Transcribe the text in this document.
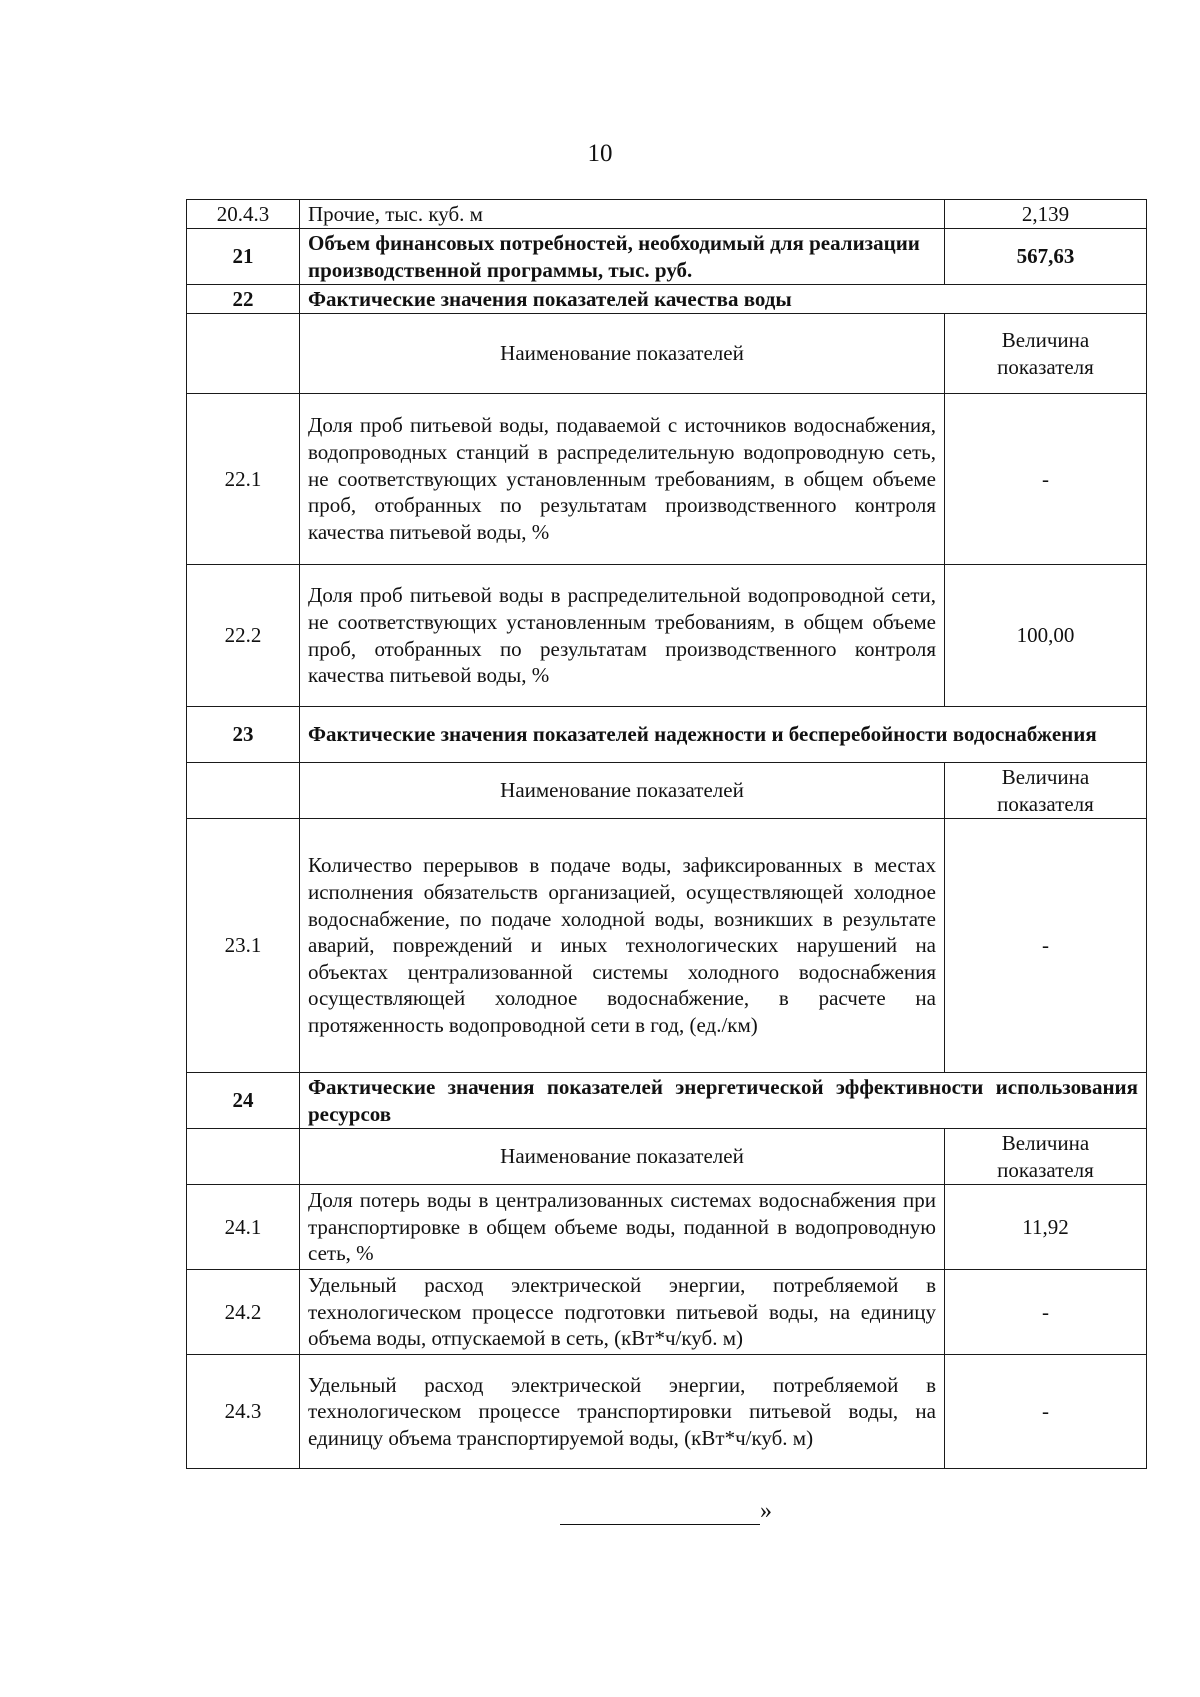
10
20.4.3	Прочие, тыс. куб. м	2,139
21	Объем финансовых потребностей, необходимый для реализации производственной программы, тыс. руб.	567,63
22	Фактические значения показателей качества воды	
	Наименование показателей	Величина показателя
22.1	Доля проб питьевой воды, подаваемой с источников водоснабжения, водопроводных станций в распределительную водопроводную сеть, не соответствующих установленным требованиям, в общем объеме проб, отобранных по результатам производственного контроля качества питьевой воды, %	-
22.2	Доля проб питьевой воды в распределительной водопроводной сети, не соответствующих установленным требованиям, в общем объеме проб, отобранных по результатам производственного контроля качества питьевой воды, %	100,00
23	Фактические значения показателей надежности и бесперебойности водоснабжения	
	Наименование показателей	Величина показателя
23.1	Количество перерывов в подаче воды, зафиксированных в местах исполнения обязательств организацией, осуществляющей холодное водоснабжение, по подаче холодной воды, возникших в результате аварий, повреждений и иных технологических нарушений на объектах централизованной системы холодного водоснабжения осуществляющей холодное водоснабжение, в расчете на протяженность водопроводной сети в год, (ед./км)	-
24	Фактические значения показателей энергетической эффективности использования ресурсов	
	Наименование показателей	Величина показателя
24.1	Доля потерь воды в централизованных системах водоснабжения при транспортировке в общем объеме воды, поданной в водопроводную сеть, %	11,92
24.2	Удельный расход электрической энергии, потребляемой в технологическом процессе подготовки питьевой воды, на единицу объема воды, отпускаемой в сеть, (кВт*ч/куб. м)	-
24.3	Удельный расход электрической энергии, потребляемой в технологическом процессе транспортировки питьевой воды, на единицу объема транспортируемой воды, (кВт*ч/куб. м)	-
»
